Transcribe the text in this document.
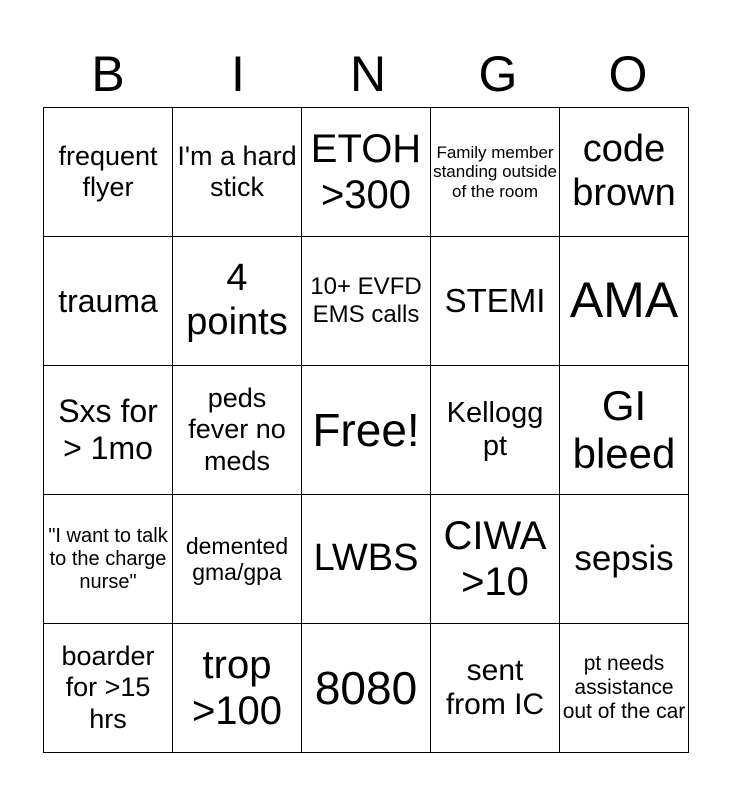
B	I	N	G	O
frequent flyer	I'm a hard stick	ETOH >300	Family member standing outside of the room	code brown

trauma	4 points	10+ EVFD EMS calls	STEMI	AMA

Sxs for > 1mo	peds fever no meds	Free!	Kellogg pt	GI bleed

"I want to talk to the charge nurse"	demented gma/gpa	LWBS	CIWA >10	sepsis

boarder for >15 hrs	trop >100	8080	sent from IC	pt needs assistance out of the car
